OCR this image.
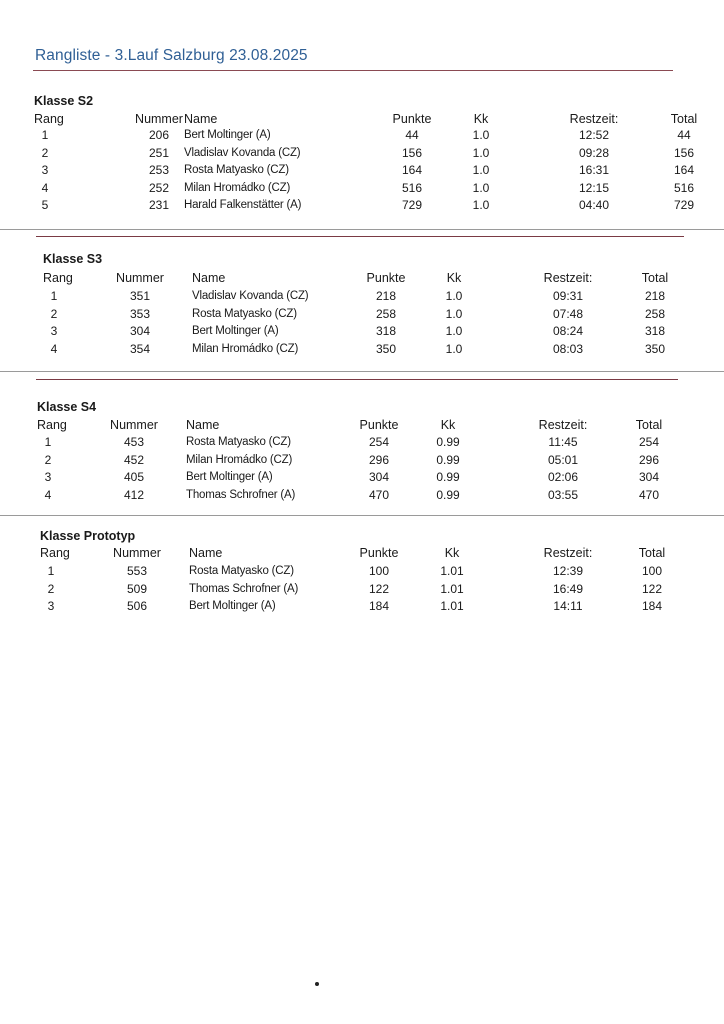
Rangliste - 3.Lauf Salzburg 23.08.2025
Klasse S2
Rang	Nummer Name	Punkte	Kk	Restzeit:	Total
1	206 Bert Moltinger (A)	44	1.0	12:52	44
2	251 Vladislav Kovanda (CZ)	156	1.0	09:28	156
3	253 Rosta Matyasko (CZ)	164	1.0	16:31	164
4	252 Milan Hromádko (CZ)	516	1.0	12:15	516
5	231 Harald Falkenstätter (A)	729	1.0	04:40	729
Klasse S3
Rang	Nummer Name	Punkte	Kk	Restzeit:	Total
1	351	Vladislav Kovanda (CZ)	218	1.0	09:31	218
2	353	Rosta Matyasko (CZ)	258	1.0	07:48	258
3	304	Bert Moltinger (A)	318	1.0	08:24	318
4	354	Milan Hromádko (CZ)	350	1.0	08:03	350
Klasse S4
Rang	Nummer Name	Punkte	Kk	Restzeit:	Total
1	453	Rosta Matyasko (CZ)	254	0.99	11:45	254
2	452	Milan Hromádko (CZ)	296	0.99	05:01	296
3	405	Bert Moltinger (A)	304	0.99	02:06	304
4	412	Thomas Schrofner (A)	470	0.99	03:55	470
Klasse Prototyp
Rang	Nummer Name	Punkte	Kk	Restzeit:	Total
1	553	Rosta Matyasko (CZ)	100	1.01	12:39	100
2	509	Thomas Schrofner (A)	122	1.01	16:49	122
3	506	Bert Moltinger (A)	184	1.01	14:11	184
